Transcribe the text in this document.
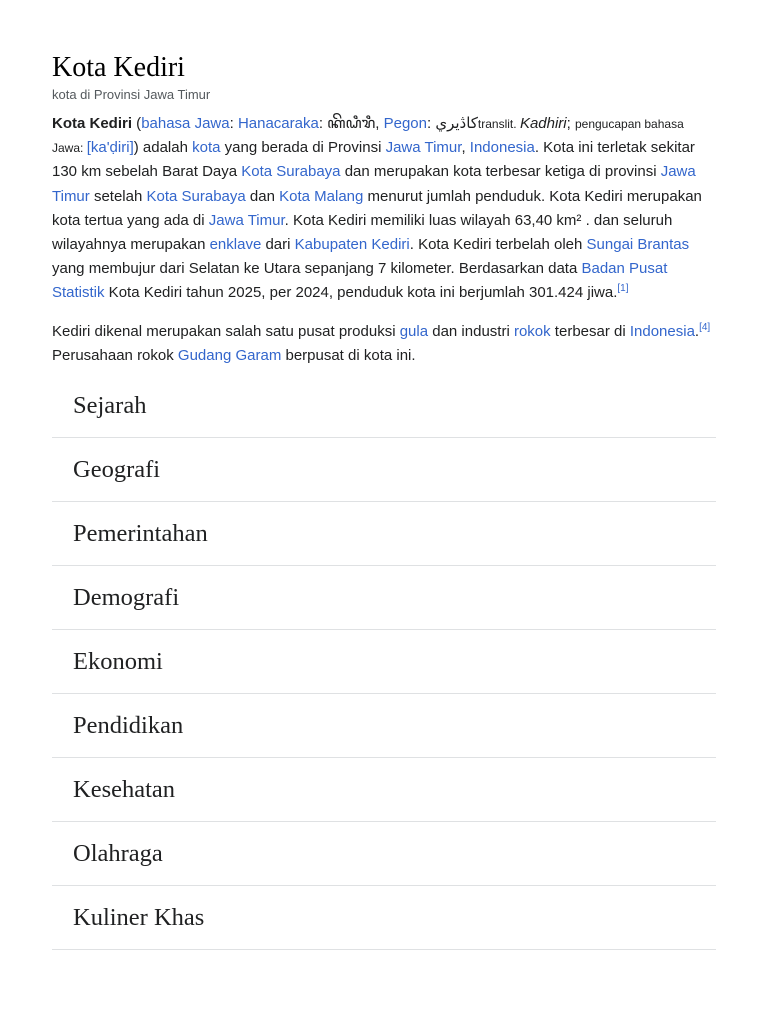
Kota Kediri
kota di Provinsi Jawa Timur

Kota Kediri (bahasa Jawa: Hanacaraka: ꦏꦼꦝꦶꦫꦶ, Pegon: كاڎيريtranslit. Kadhiri; pengucapan bahasa Jawa: [ka'ḍiri]) adalah kota yang berada di Provinsi Jawa Timur, Indonesia. Kota ini terletak sekitar 130 km sebelah Barat Daya Kota Surabaya dan merupakan kota terbesar ketiga di provinsi Jawa Timur setelah Kota Surabaya dan Kota Malang menurut jumlah penduduk. Kota Kediri merupakan kota tertua yang ada di Jawa Timur. Kota Kediri memiliki luas wilayah 63,40 km² . dan seluruh wilayahnya merupakan enklave dari Kabupaten Kediri. Kota Kediri terbelah oleh Sungai Brantas yang membujur dari Selatan ke Utara sepanjang 7 kilometer. Berdasarkan data Badan Pusat Statistik Kota Kediri tahun 2025, per 2024, penduduk kota ini berjumlah 301.424 jiwa.[1]

Kediri dikenal merupakan salah satu pusat produksi gula dan industri rokok terbesar di Indonesia.[4] Perusahaan rokok Gudang Garam berpusat di kota ini.

Sejarah
Geografi
Pemerintahan
Demografi
Ekonomi
Pendidikan
Kesehatan
Olahraga
Kuliner Khas
